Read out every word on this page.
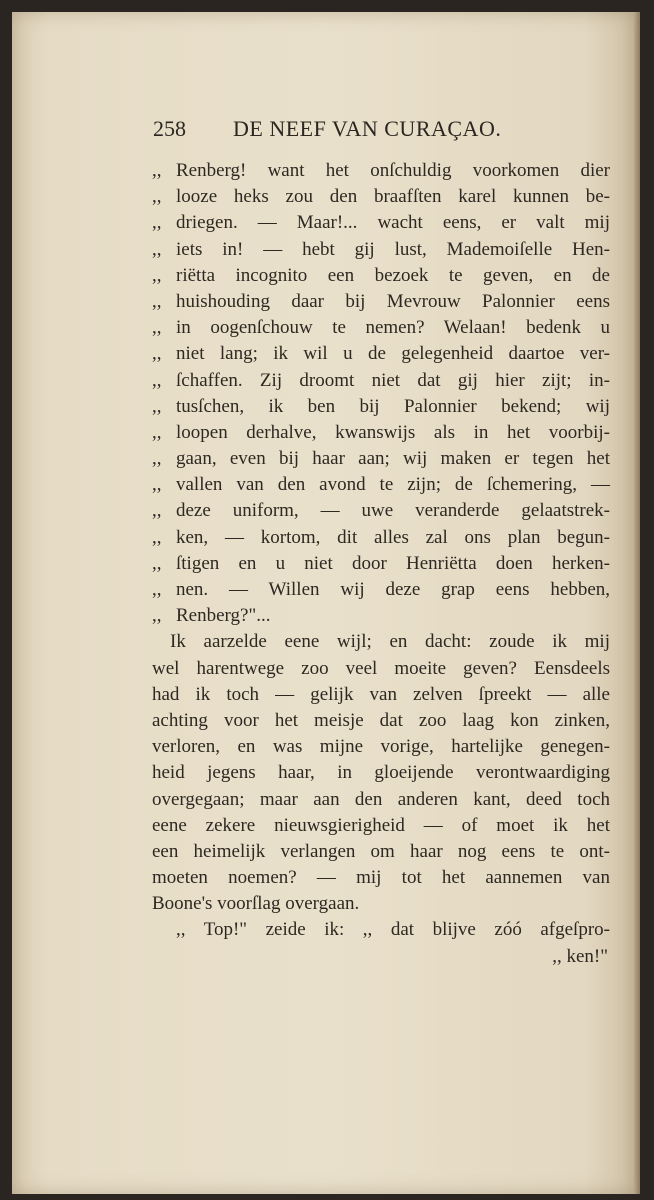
258 DE NEEF VAN CURAÇAO.
,, Renberg! want het onſchuldig voorkomen dier
,, looze heks zou den braafſten karel kunnen be-
,, driegen. — Maar!... wacht eens, er valt mij
,, iets in! — hebt gij lust, Mademoiſelle Hen-
,, riëtta incognito een bezoek te geven, en de
,, huishouding daar bij Mevrouw Palonnier eens
,, in oogenſchouw te nemen? Welaan! bedenk u
,, niet lang; ik wil u de gelegenheid daartoe ver-
,, ſchaffen. Zij droomt niet dat gij hier zijt; in-
,, tusſchen, ik ben bij Palonnier bekend; wij
,, loopen derhalve, kwanswijs als in het voorbij-
,, gaan, even bij haar aan; wij maken er tegen het
,, vallen van den avond te zijn; de ſchemering, —
,, deze uniform, — uwe veranderde gelaatstrek-
,, ken, — kortom, dit alles zal ons plan begun-
,, ſtigen en u niet door Henriëtta doen herken-
,, nen. — Willen wij deze grap eens hebben,
,, Renberg?"...
Ik aarzelde eene wijl; en dacht: zoude ik mij
wel harentwege zoo veel moeite geven? Eensdeels
had ik toch — gelijk van zelven ſpreekt — alle
achting voor het meisje dat zoo laag kon zinken,
verloren, en was mijne vorige, hartelijke genegen-
heid jegens haar, in gloeijende verontwaardiging
overgegaan; maar aan den anderen kant, deed toch
eene zekere nieuwsgierigheid — of moet ik het
een heimelijk verlangen om haar nog eens te ont-
moeten noemen? — mij tot het aannemen van
Boone's voorſlag overgaan.
,, Top!" zeide ik: ,, dat blijve zóó afgeſpro-
,, ken!"
